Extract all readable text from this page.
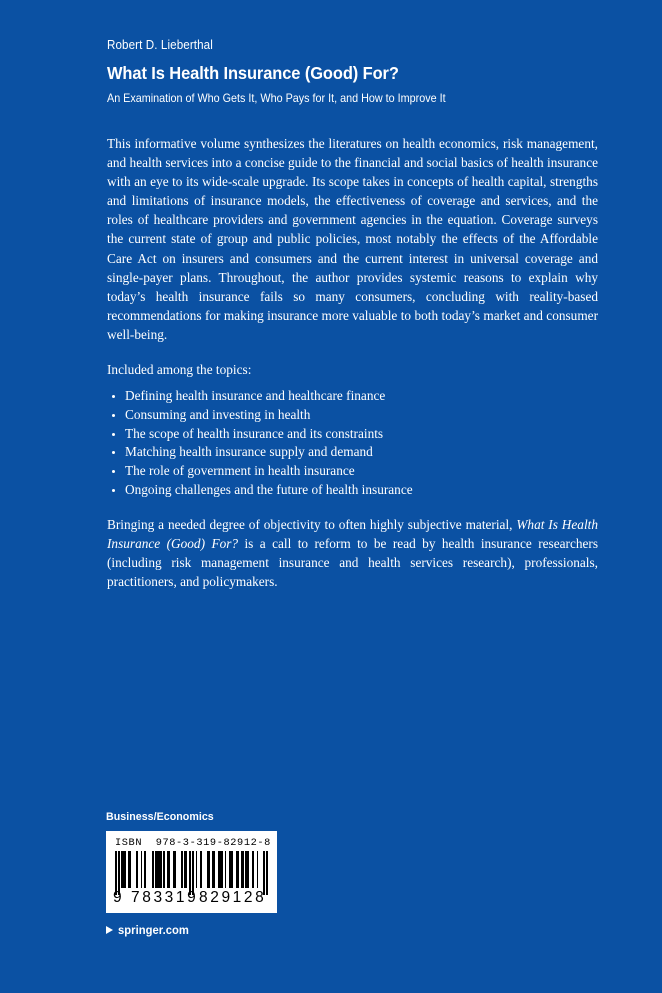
Robert D. Lieberthal

What Is Health Insurance (Good) For?

An Examination of Who Gets It, Who Pays for It, and How to Improve It

This informative volume synthesizes the literatures on health economics, risk management, and health services into a concise guide to the financial and social basics of health insurance with an eye to its wide-scale upgrade. Its scope takes in concepts of health capital, strengths and limitations of insurance models, the effectiveness of coverage and services, and the roles of healthcare providers and government agencies in the equation. Coverage surveys the current state of group and public policies, most notably the effects of the Affordable Care Act on insurers and consumers and the current interest in universal coverage and single-payer plans. Throughout, the author provides systemic reasons to explain why today’s health insurance fails so many consumers, concluding with reality-based recommendations for making insurance more valuable to both today’s market and consumer well-being.

Included among the topics:

Defining health insurance and healthcare finance
Consuming and investing in health
The scope of health insurance and its constraints
Matching health insurance supply and demand
The role of government in health insurance
Ongoing challenges and the future of health insurance

Bringing a needed degree of objectivity to often highly subjective material, What Is Health Insurance (Good) For? is a call to reform to be read by health insurance researchers (including risk management insurance and health services research), professionals, practitioners, and policymakers.

Business/Economics

ISBN 978-3-319-82912-8
9 783319 829128
springer.com
